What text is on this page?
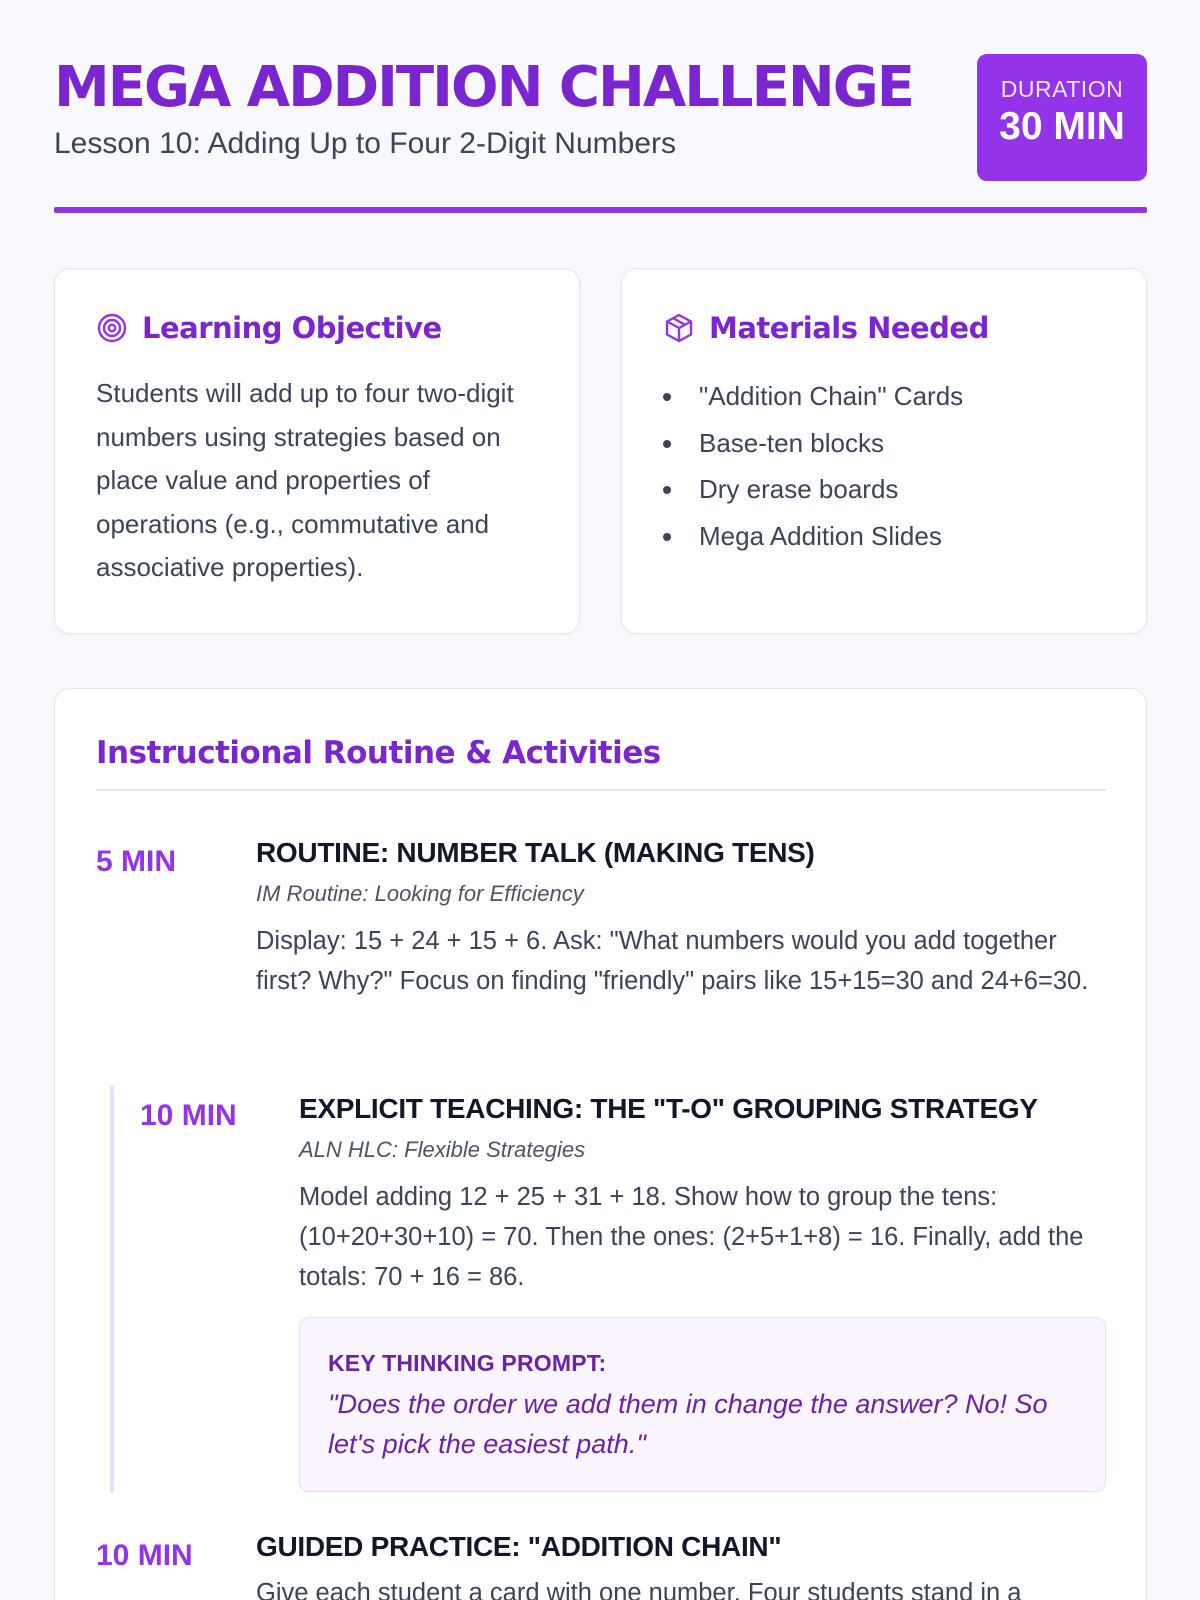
MEGA ADDITION CHALLENGE
Lesson 10: Adding Up to Four 2-Digit Numbers
DURATION
30 MIN
Learning Objective

Students will add up to four two-digit numbers using strategies based on place value and properties of operations (e.g., commutative and associative properties).

Materials Needed
"Addition Chain" Cards
Base-ten blocks
Dry erase boards
Mega Addition Slides
Instructional Routine & Activities
5 MIN	ROUTINE: NUMBER TALK (MAKING TENS)
IM Routine: Looking for Efficiency
Display: 15 + 24 + 15 + 6. Ask: "What numbers would you add together first? Why?" Focus on finding "friendly" pairs like 15+15=30 and 24+6=30.
10 MIN EXPLICIT TEACHING: THE "T-O" GROUPING STRATEGY
ALN HLC: Flexible Strategies
Model adding 12 + 25 + 31 + 18. Show how to group the tens: (10+20+30+10) = 70. Then the ones: (2+5+1+8) = 16. Finally, add the totals: 70 + 16 = 86.
KEY THINKING PROMPT:
"Does the order we add them in change the answer? No! So let's pick the easiest path."
10 MIN GUIDED PRACTICE: "ADDITION CHAIN"
Give each student a card with one number. Four students stand in a
